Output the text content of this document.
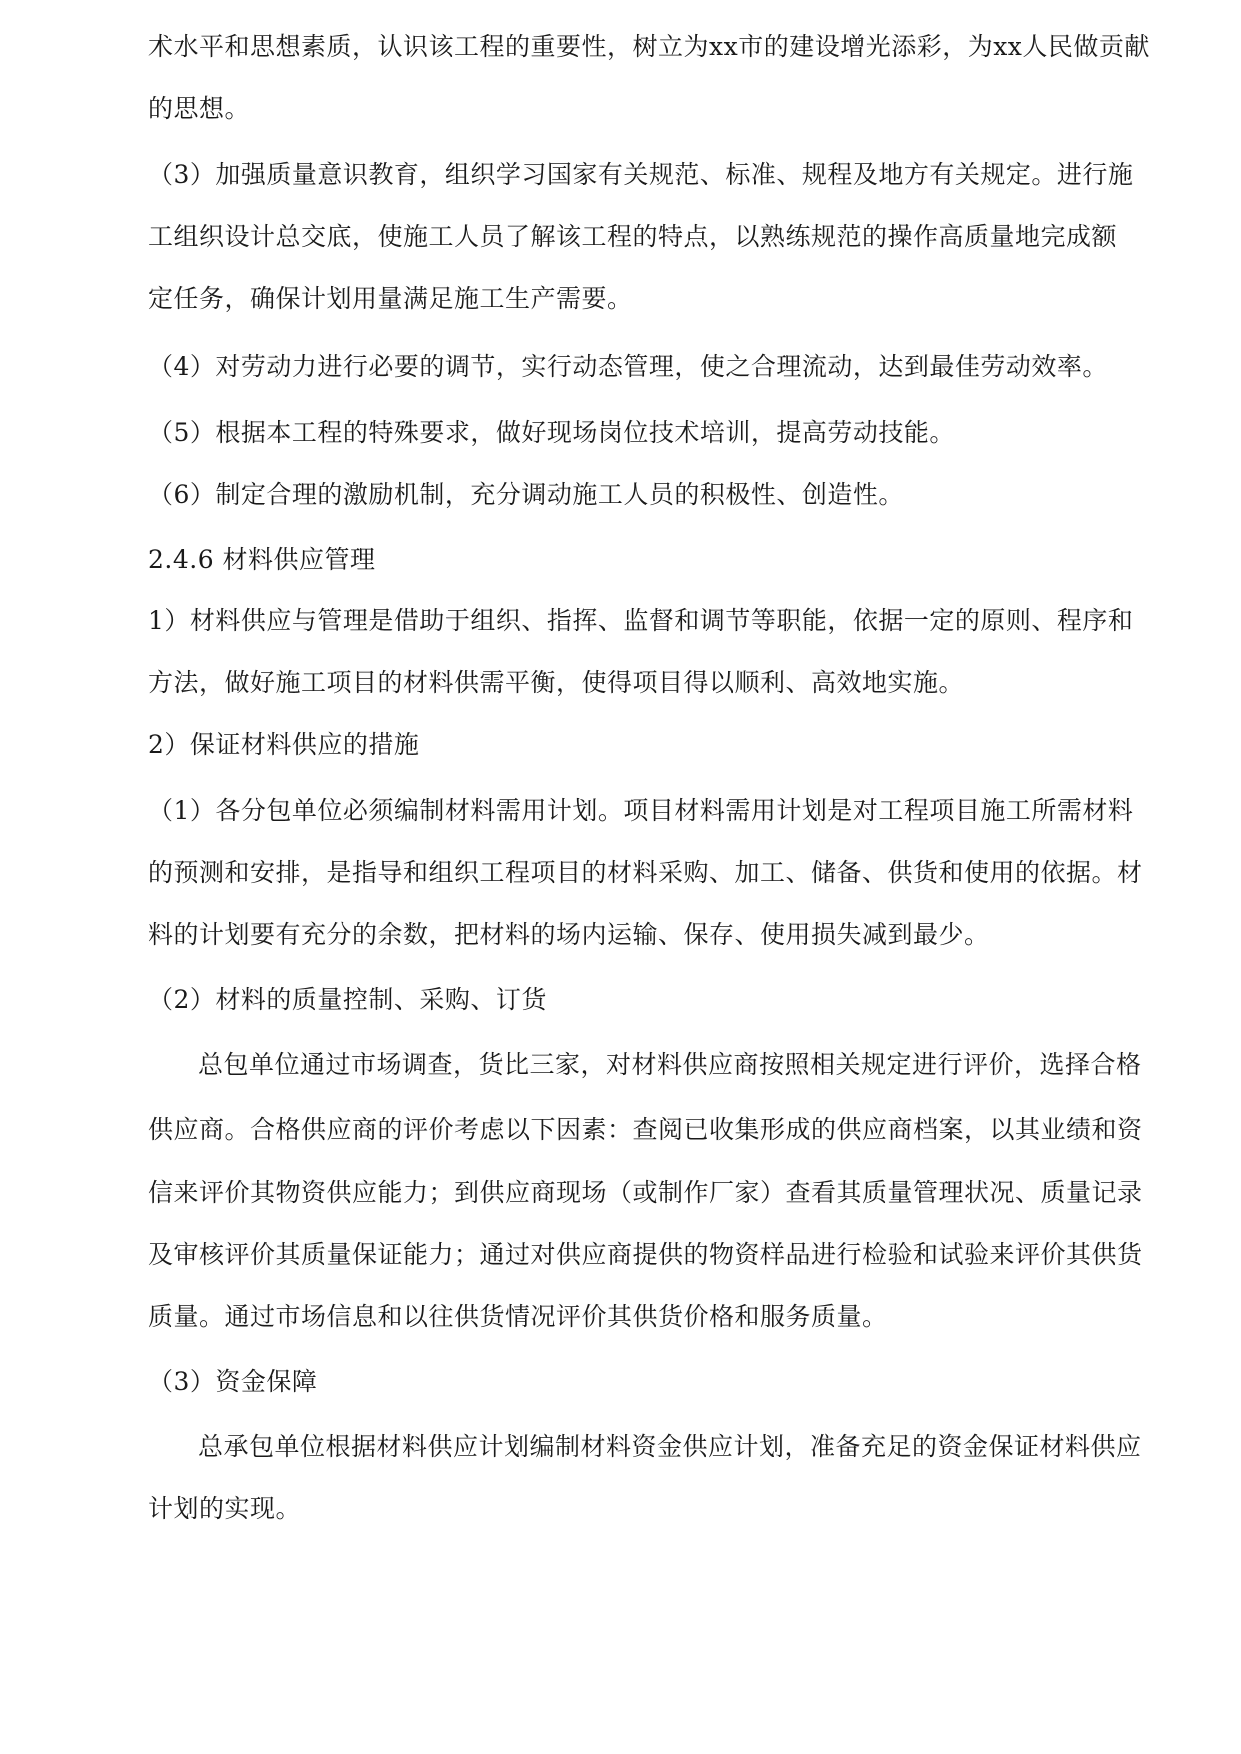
术水平和思想素质，认识该工程的重要性，树立为xx市的建设增光添彩，为xx人民做贡献
的思想。
（3）加强质量意识教育，组织学习国家有关规范、标准、规程及地方有关规定。进行施
工组织设计总交底，使施工人员了解该工程的特点，以熟练规范的操作高质量地完成额
定任务，确保计划用量满足施工生产需要。
（4）对劳动力进行必要的调节，实行动态管理，使之合理流动，达到最佳劳动效率。
（5）根据本工程的特殊要求，做好现场岗位技术培训，提高劳动技能。
（6）制定合理的激励机制，充分调动施工人员的积极性、创造性。
2.4.6 材料供应管理
1）材料供应与管理是借助于组织、指挥、监督和调节等职能，依据一定的原则、程序和
方法，做好施工项目的材料供需平衡，使得项目得以顺利、高效地实施。
2）保证材料供应的措施
（1）各分包单位必须编制材料需用计划。项目材料需用计划是对工程项目施工所需材料
的预测和安排，是指导和组织工程项目的材料采购、加工、储备、供货和使用的依据。材
料的计划要有充分的余数，把材料的场内运输、保存、使用损失减到最少。
（2）材料的质量控制、采购、订货
总包单位通过市场调查，货比三家，对材料供应商按照相关规定进行评价，选择合格
供应商。合格供应商的评价考虑以下因素：查阅已收集形成的供应商档案，以其业绩和资
信来评价其物资供应能力；到供应商现场（或制作厂家）查看其质量管理状况、质量记录
及审核评价其质量保证能力；通过对供应商提供的物资样品进行检验和试验来评价其供货
质量。通过市场信息和以往供货情况评价其供货价格和服务质量。
（3）资金保障
总承包单位根据材料供应计划编制材料资金供应计划，准备充足的资金保证材料供应
计划的实现。
